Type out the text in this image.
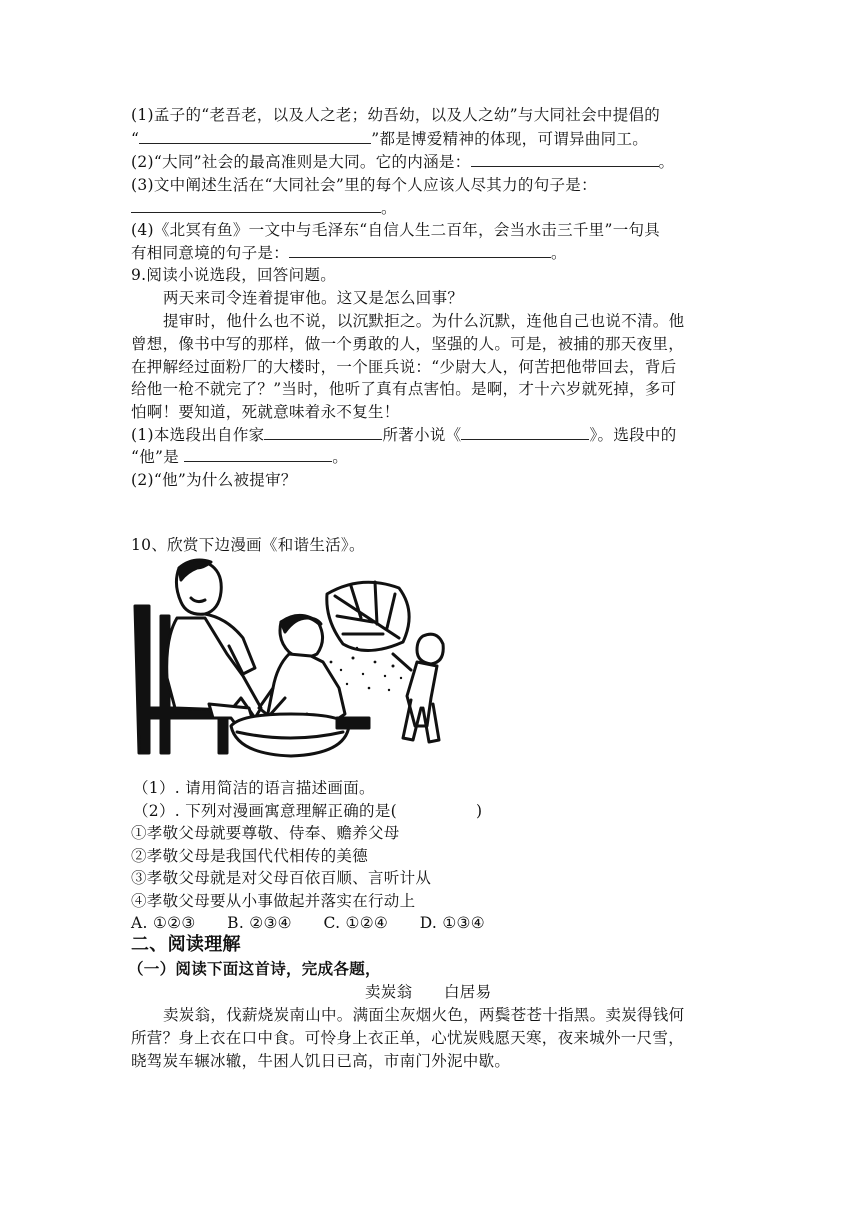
(1)孟子的“老吾老，以及人之老；幼吾幼，以及人之幼”与大同社会中提倡的
“	”都是博爱精神的体现，可谓异曲同工。
(2)“大同”社会的最高准则是大同。它的内涵是：	。
(3)文中阐述生活在“大同社会”里的每个人应该人尽其力的句子是：
。
(4)《北冥有鱼》一文中与毛泽东“自信人生二百年，会当水击三千里”一句具
有相同意境的句子是：	。
9.阅读小说选段，回答问题。
两天来司令连着提审他。这又是怎么回事？
提审时，他什么也不说，以沉默拒之。为什么沉默，连他自己也说不清。他
曾想，像书中写的那样，做一个勇敢的人，坚强的人。可是，被捕的那天夜里，
在押解经过面粉厂的大楼时，一个匪兵说：“少尉大人，何苦把他带回去，背后
给他一枪不就完了？”当时，他听了真有点害怕。是啊，才十六岁就死掉，多可
怕啊！要知道，死就意味着永不复生！
(1)本选段出自作家	所著小说《	》。选段中的
“他”是	。
(2)“他”为什么被提审？
10、欣赏下边漫画《和谐生活》。
（1）. 请用简洁的语言描述画面。
（2）. 下列对漫画寓意理解正确的是(　　　　　)
①孝敬父母就要尊敬、侍奉、赡养父母
②孝敬父母是我国代代相传的美德
③孝敬父母就是对父母百依百顺、言听计从
④孝敬父母要从小事做起并落实在行动上
A. ①②③　　B. ②③④　　C. ①②④　　D. ①③④
二、阅读理解
（一）阅读下面这首诗，完成各题，
卖炭翁　　白居易
卖炭翁，伐薪烧炭南山中。满面尘灰烟火色，两鬓苍苍十指黑。卖炭得钱何
所营？身上衣在口中食。可怜身上衣正单，心忧炭贱愿天寒，夜来城外一尺雪，
晓驾炭车辗冰辙，牛困人饥日已高，市南门外泥中歇。
